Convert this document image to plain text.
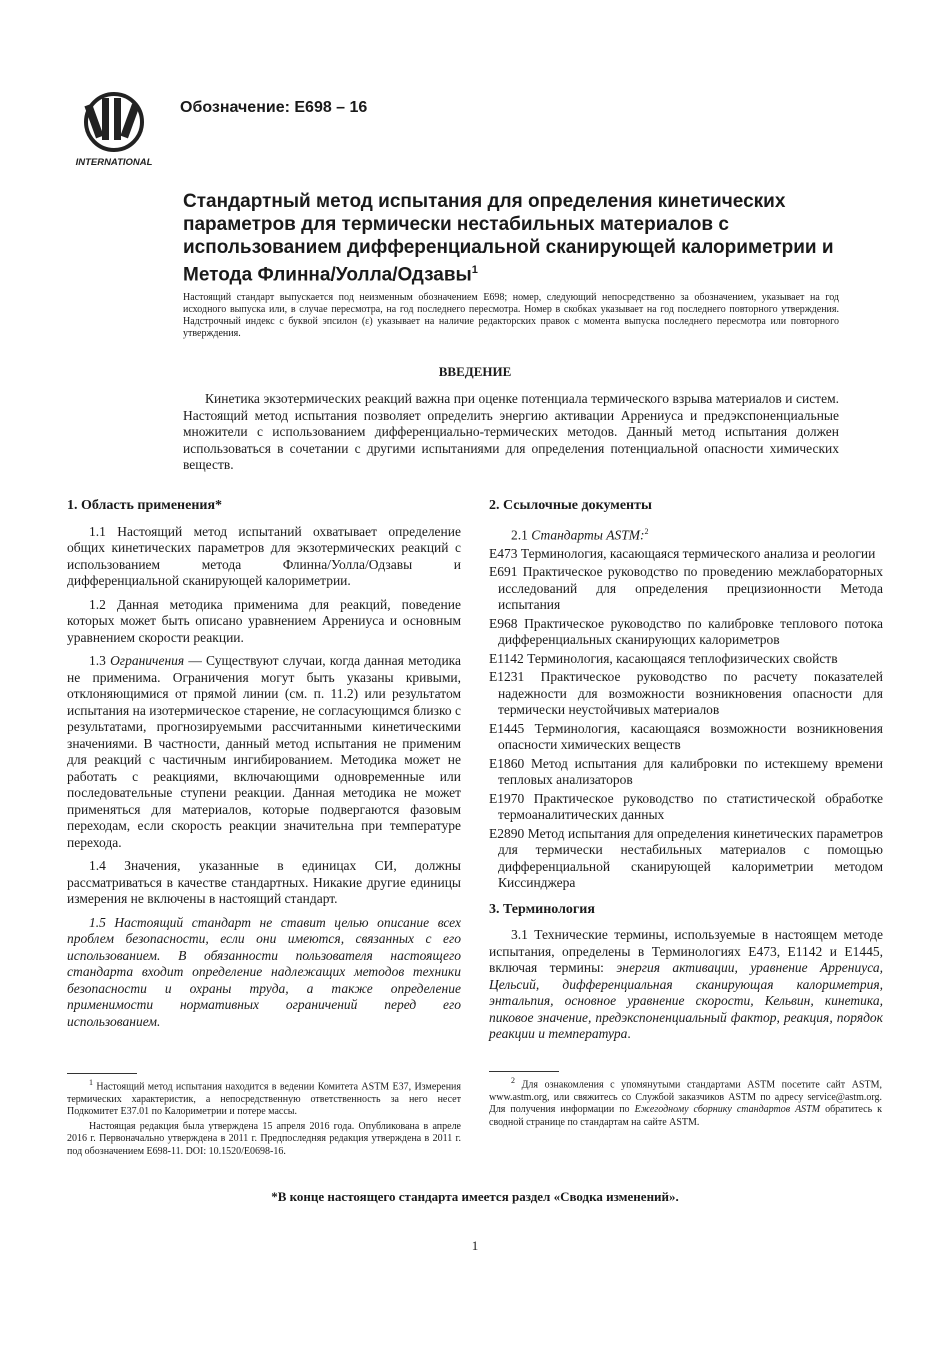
INTERNATIONAL
Обозначение: E698 – 16
Стандартный метод испытания для определения кинетических параметров для термически нестабильных материалов с использованием дифференциальной сканирующей калориметрии и Метода Флинна/Уолла/Одзавы$^1$
Настоящий стандарт выпускается под неизменным обозначением E698; номер, следующий непосредственно за обозначением, указывает на год исходного выпуска или, в случае пересмотра, на год последнего пересмотра. Номер в скобках указывает на год последнего повторного утверждения. Надстрочный индекс с буквой эпсилон (ε) указывает на наличие редакторских правок с момента выпуска последнего пересмотра или повторного утверждения.
ВВЕДЕНИЕ
Кинетика экзотермических реакций важна при оценке потенциала термического взрыва материалов и систем. Настоящий метод испытания позволяет определить энергию активации Аррениуса и предэкспоненциальные множители с использованием дифференциально-термических методов. Данный метод испытания должен использоваться в сочетании с другими испытаниями для определения потенциальной опасности химических веществ.
1. Область применения*
1.1 Настоящий метод испытаний охватывает определение общих кинетических параметров для экзотермических реакций с использованием метода Флинна/Уолла/Одзавы и дифференциальной сканирующей калориметрии.
1.2 Данная методика применима для реакций, поведение которых может быть описано уравнением Аррениуса и основным уравнением скорости реакции.
1.3 Ограничения — Существуют случаи, когда данная методика не применима. Ограничения могут быть указаны кривыми, отклоняющимися от прямой линии (см. п. 11.2) или результатом испытания на изотермическое старение, не согласующимся близко с результатами, прогнозируемыми рассчитанными кинетическими значениями. В частности, данный метод испытания не применим для реакций с частичным ингибированием. Методика может не работать с реакциями, включающими одновременные или последовательные ступени реакции. Данная методика не может применяться для материалов, которые подвергаются фазовым переходам, если скорость реакции значительна при температуре перехода.
1.4 Значения, указанные в единицах СИ, должны рассматриваться в качестве стандартных. Никакие другие единицы измерения не включены в настоящий стандарт.
1.5 Настоящий стандарт не ставит целью описание всех проблем безопасности, если они имеются, связанных с его использованием. В обязанности пользователя настоящего стандарта входит определение надлежащих методов техники безопасности и охраны труда, а также определение применимости нормативных ограничений перед его использованием.
2. Ссылочные документы
2.1 Стандарты ASTM:$^2$
E473 Терминология, касающаяся термического анализа и реологии
E691 Практическое руководство по проведению межлабораторных исследований для определения прецизионности Метода испытания
E968 Практическое руководство по калибровке теплового потока дифференциальных сканирующих калориметров
E1142 Терминология, касающаяся теплофизических свойств
E1231 Практическое руководство по расчету показателей надежности для возможности возникновения опасности для термически неустойчивых материалов
E1445 Терминология, касающаяся возможности возникновения опасности химических веществ
E1860 Метод испытания для калибровки по истекшему времени тепловых анализаторов
E1970 Практическое руководство по статистической обработке термоаналитических данных
E2890 Метод испытания для определения кинетических параметров для термически нестабильных материалов с помощью дифференциальной сканирующей калориметрии методом Киссинджера
3. Терминология
3.1 Технические термины, используемые в настоящем методе испытания, определены в Терминологиях E473, E1142 и E1445, включая термины: энергия активации, уравнение Аррениуса, Цельсий, дифференциальная сканирующая калориметрия, энтальпия, основное уравнение скорости, Кельвин, кинетика, пиковое значение, предэкспоненциальный фактор, реакция, порядок реакции и температура.

$^1$ Настоящий метод испытания находится в ведении Комитета ASTM E37, Измерения термических характеристик, а непосредственную ответственность за него несет Подкомитет E37.01 по Калориметрии и потере массы.

Настоящая редакция была утверждена 15 апреля 2016 года. Опубликована в апреле 2016 г. Первоначально утверждена в 2011 г. Предпоследняя редакция утверждена в 2011 г. под обозначением E698-11. DOI: 10.1520/E0698-16.

$^2$ Для ознакомления с упомянутыми стандартами ASTM посетите сайт ASTM, www.astm.org, или свяжитесь со Службой заказчиков ASTM по адресу service@astm.org. Для получения информации по Ежегодному сборнику стандартов ASTM обратитесь к сводной странице по стандартам на сайте ASTM.

*В конце настоящего стандарта имеется раздел «Сводка изменений».
1
